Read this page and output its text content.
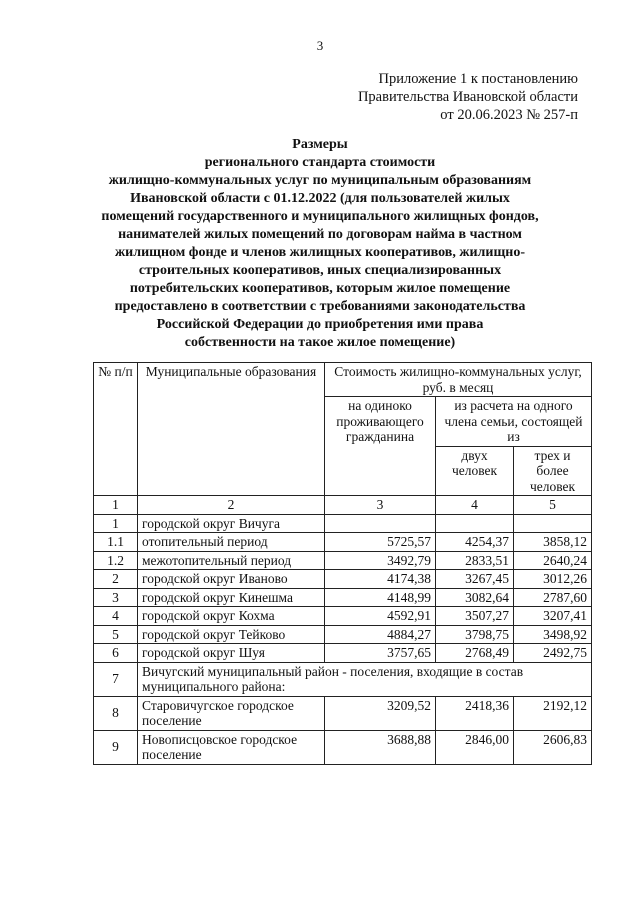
3
Приложение 1 к постановлению
Правительства Ивановской области
от 20.06.2023 № 257-п
Размеры
регионального стандарта стоимости
жилищно-коммунальных услуг по муниципальным образованиям
Ивановской области с 01.12.2022 (для пользователей жилых
помещений государственного и муниципального жилищных фондов,
нанимателей жилых помещений по договорам найма в частном
жилищном фонде и членов жилищных кооперативов, жилищно-
строительных кооперативов, иных специализированных
потребительских кооперативов, которым жилое помещение
предоставлено в соответствии с требованиями законодательства
Российской Федерации до приобретения ими права
собственности на такое жилое помещение)
№ п/п	Муниципальные образования	Стоимость жилищно-коммунальных услуг, руб. в месяц		
		на одиноко проживающего гражданина	из расчета на одного члена семьи, состоящей из	
			двух человек	трех и более человек
1	2	3	4	5
1	городской округ Вичуга			
1.1	отопительный период	5725,57	4254,37	3858,12
1.2	межотопительный период	3492,79	2833,51	2640,24
2	городской округ Иваново	4174,38	3267,45	3012,26
3	городской округ Кинешма	4148,99	3082,64	2787,60
4	городской округ Кохма	4592,91	3507,27	3207,41
5	городской округ Тейково	4884,27	3798,75	3498,92
6	городской округ Шуя	3757,65	2768,49	2492,75
7	Вичугский муниципальный район - поселения, входящие в состав муниципального района:			
8	Старовичугское городское поселение	3209,52	2418,36	2192,12
9	Новописцовское городское поселение	3688,88	2846,00	2606,83
